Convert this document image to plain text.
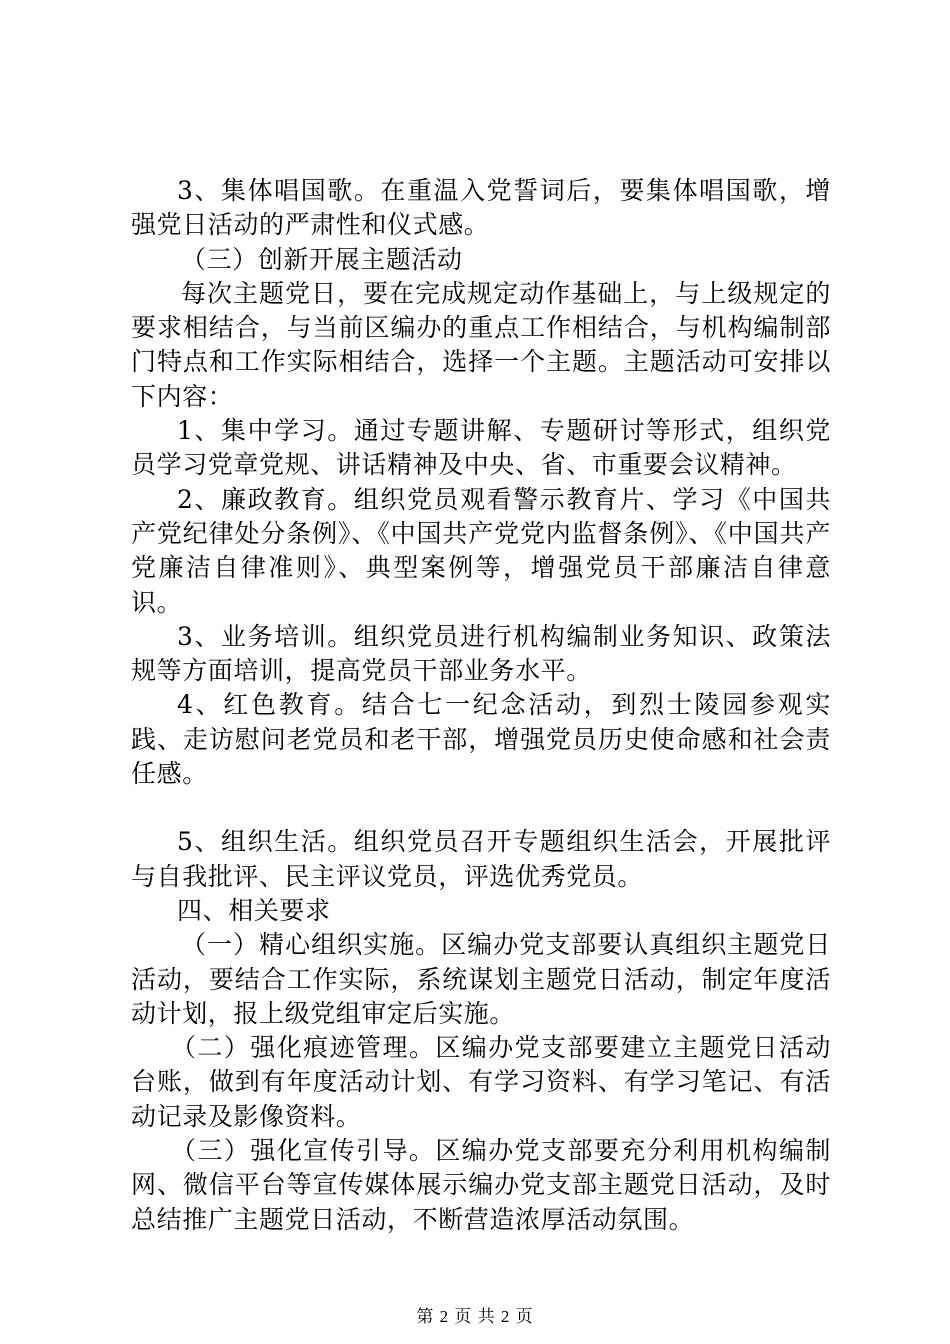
3、集体唱国歌。在重温入党誓词后，要集体唱国歌，增强党日活动的严肃性和仪式感。

（三）创新开展主题活动

每次主题党日，要在完成规定动作基础上，与上级规定的要求相结合，与当前区编办的重点工作相结合，与机构编制部门特点和工作实际相结合，选择一个主题。主题活动可安排以下内容：

1、集中学习。通过专题讲解、专题研讨等形式，组织党员学习党章党规、讲话精神及中央、省、市重要会议精神。

2、廉政教育。组织党员观看警示教育片、学习《中国共产党纪律处分条例》、《中国共产党党内监督条例》、《中国共产党廉洁自律准则》、典型案例等，增强党员干部廉洁自律意识。

3、业务培训。组织党员进行机构编制业务知识、政策法规等方面培训，提高党员干部业务水平。

4、红色教育。结合七一纪念活动，到烈士陵园参观实践、走访慰问老党员和老干部，增强党员历史使命感和社会责任感。

5、组织生活。组织党员召开专题组织生活会，开展批评与自我批评、民主评议党员，评选优秀党员。

四、相关要求

（一）精心组织实施。区编办党支部要认真组织主题党日活动，要结合工作实际，系统谋划主题党日活动，制定年度活动计划，报上级党组审定后实施。

（二）强化痕迹管理。区编办党支部要建立主题党日活动台账，做到有年度活动计划、有学习资料、有学习笔记、有活动记录及影像资料。

（三）强化宣传引导。区编办党支部要充分利用机构编制网、微信平台等宣传媒体展示编办党支部主题党日活动，及时总结推广主题党日活动，不断营造浓厚活动氛围。

第 2 页 共 2 页
